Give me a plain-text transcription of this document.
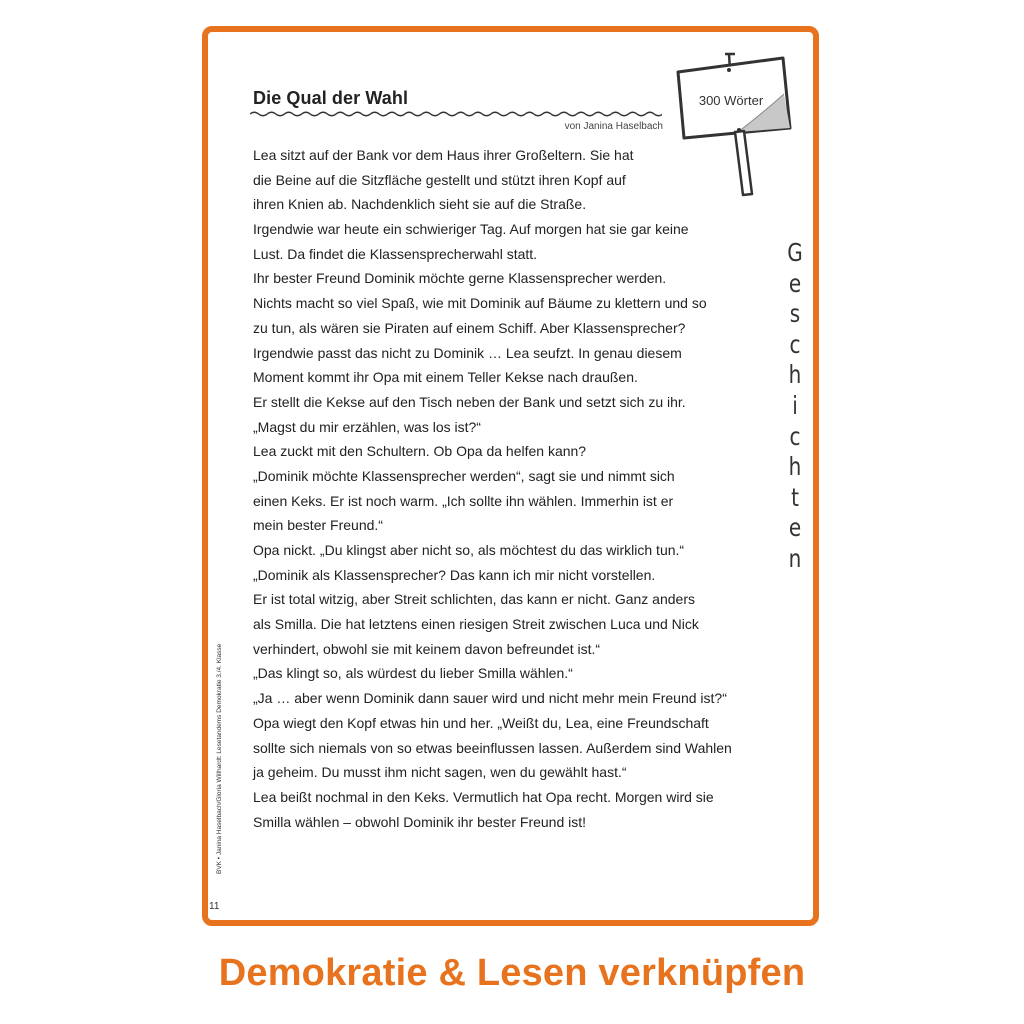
Die Qual der Wahl
von Janina Haselbach
Lea sitzt auf der Bank vor dem Haus ihrer Großeltern. Sie hat
die Beine auf die Sitzfläche gestellt und stützt ihren Kopf auf
ihren Knien ab. Nachdenklich sieht sie auf die Straße.
Irgendwie war heute ein schwieriger Tag. Auf morgen hat sie gar keine
Lust. Da findet die Klassensprecherwahl statt.
Ihr bester Freund Dominik möchte gerne Klassensprecher werden.
Nichts macht so viel Spaß, wie mit Dominik auf Bäume zu klettern und so
zu tun, als wären sie Piraten auf einem Schiff. Aber Klassensprecher?
Irgendwie passt das nicht zu Dominik … Lea seufzt. In genau diesem
Moment kommt ihr Opa mit einem Teller Kekse nach draußen.
Er stellt die Kekse auf den Tisch neben der Bank und setzt sich zu ihr.
„Magst du mir erzählen, was los ist?“
Lea zuckt mit den Schultern. Ob Opa da helfen kann?
„Dominik möchte Klassensprecher werden“, sagt sie und nimmt sich
einen Keks. Er ist noch warm. „Ich sollte ihn wählen. Immerhin ist er
mein bester Freund.“
Opa nickt. „Du klingst aber nicht so, als möchtest du das wirklich tun.“
„Dominik als Klassensprecher? Das kann ich mir nicht vorstellen.
Er ist total witzig, aber Streit schlichten, das kann er nicht. Ganz anders
als Smilla. Die hat letztens einen riesigen Streit zwischen Luca und Nick
verhindert, obwohl sie mit keinem davon befreundet ist.“
„Das klingt so, als würdest du lieber Smilla wählen.“
„Ja … aber wenn Dominik dann sauer wird und nicht mehr mein Freund ist?“
Opa wiegt den Kopf etwas hin und her. „Weißt du, Lea, eine Freundschaft
sollte sich niemals von so etwas beeinflussen lassen. Außerdem sind Wahlen
ja geheim. Du musst ihm nicht sagen, wen du gewählt hast.“
Lea beißt nochmal in den Keks. Vermutlich hat Opa recht. Morgen wird sie
Smilla wählen – obwohl Dominik ihr bester Freund ist!
300 Wörter
G
e
s
c
h
i
c
h
t
e
n
BVK • Janina Haselbach/Gloria Willhardt: Lesetandems Demokratie 3./4. Klasse
11

Demokratie & Lesen verknüpfen
